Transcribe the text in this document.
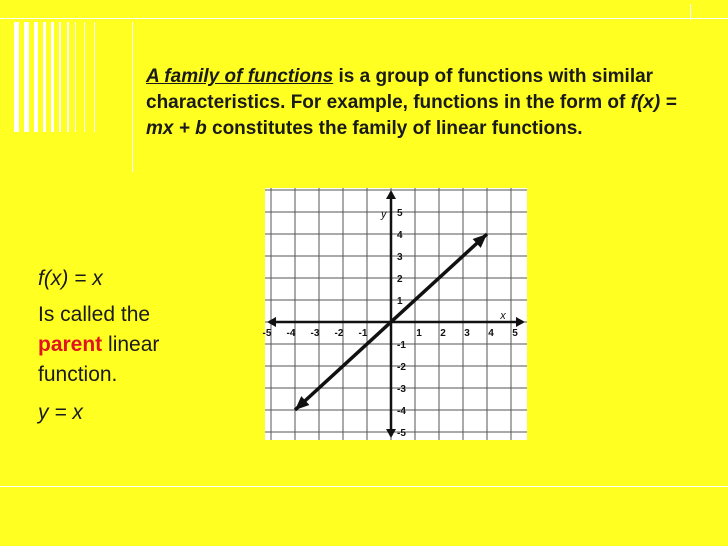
A family of functions is a group of functions with similar characteristics. For example, functions in the form of f(x) = mx + b constitutes the family of linear functions.

f(x) = x

Is called the

parent linear

function.

y = x

x
y
-5 -4 -3 -2 -1	1 2 3 4 5
5
4
3
2
1
-1
-2
-3
-4
-5
